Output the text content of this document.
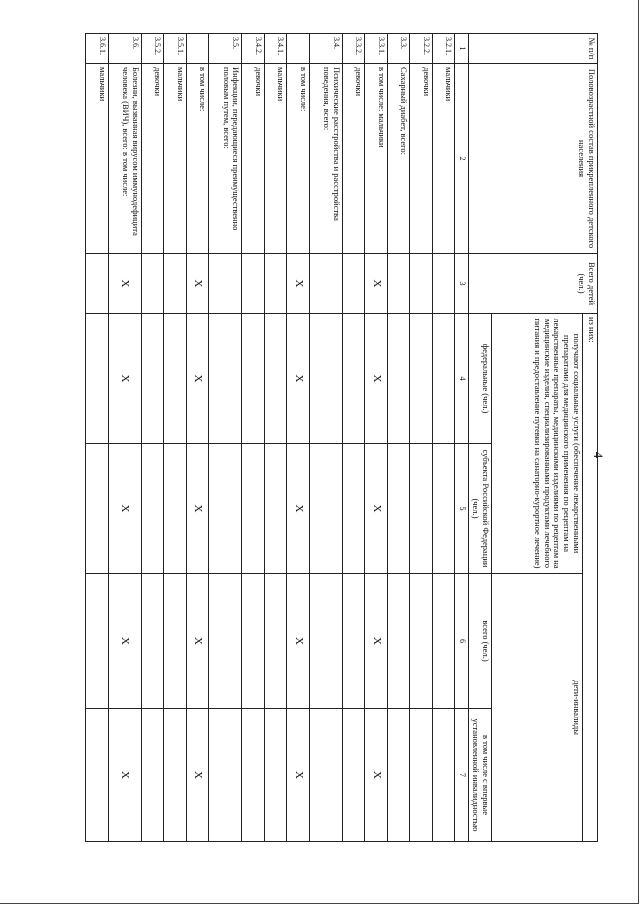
4
№ п/п	Половозрастной состав прикрепленного детского населения	Всего детей (чел.)	из них:			
			получают социальные услуги (обеспечение лекарственными препаратами для медицинского применения по рецептам на лекарственные препараты, медицинскими изделиями по рецептам на медицинские изделия, специализированными продуктами лечебного питания и предоставление путевки на санаторно-курортное лечение)		дети-инвалиды	
			федеральные (чел.)	субъекта Российской Федерации (чел.)	всего (чел.)	в том числе с впервые установленной инвалидностью
1	2	3	4	5	6	7
3.2.1.	мальчики					
3.2.2.	девочки					
3.3.	Сахарный диабет, всего:					
3.3.1.	в том числе: мальчики	X	X	X	X	X
3.3.2.	девочки					
3.4.	Психические расстройства и расстройства поведения, всего:					
	в том числе:	X	X	X	X	X
3.4.1.	мальчики					
3.4.2.	девочки					
3.5.	Инфекции, передающиеся преимущественно половым путем, всего:					
	в том числе:	X	X	X	X	X
3.5.1.	мальчики					
3.5.2.	девочки					
3.6.	Болезни, вызванная вирусом иммунодефицита человека (ВИЧ), всего: в том числе:	X	X	X	X	X
3.6.1.	мальчики					
